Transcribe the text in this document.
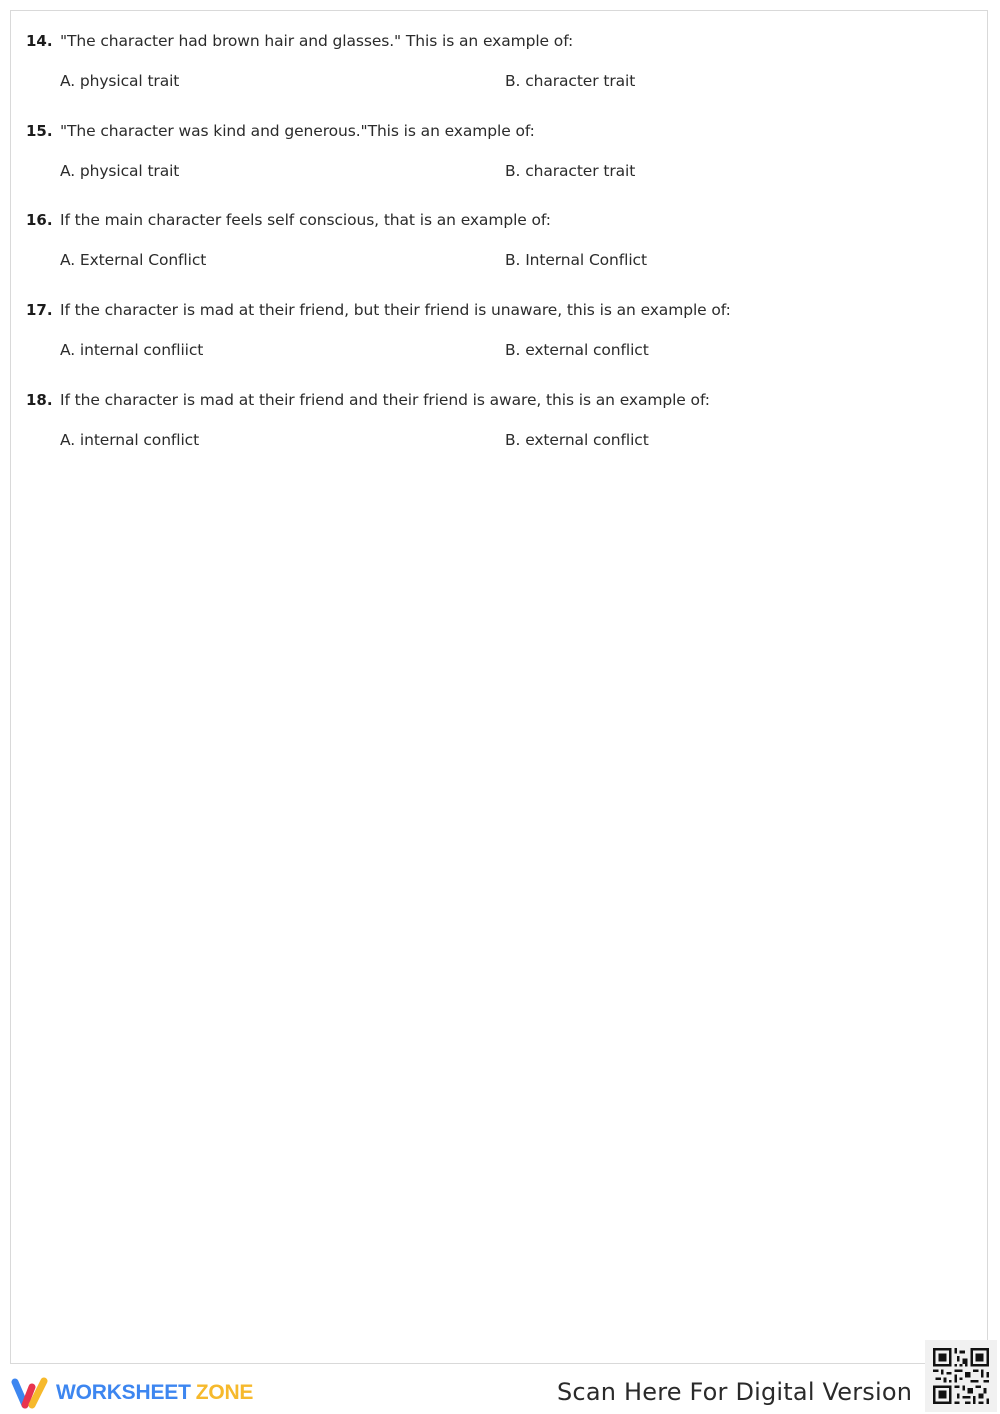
14. "The character had brown hair and glasses." This is an example of:
A. physical trait	B. character trait
15. "The character was kind and generous."This is an example of:
A. physical trait	B. character trait
16. If the main character feels self conscious, that is an example of:
A. External Conflict	B. Internal Conflict
17. If the character is mad at their friend, but their friend is unaware, this is an example of:
A. internal confliict	B. external conflict
18. If the character is mad at their friend and their friend is aware, this is an example of:
A. internal conflict	B. external conflict
WORKSHEET ZONE	Scan Here For Digital Version
